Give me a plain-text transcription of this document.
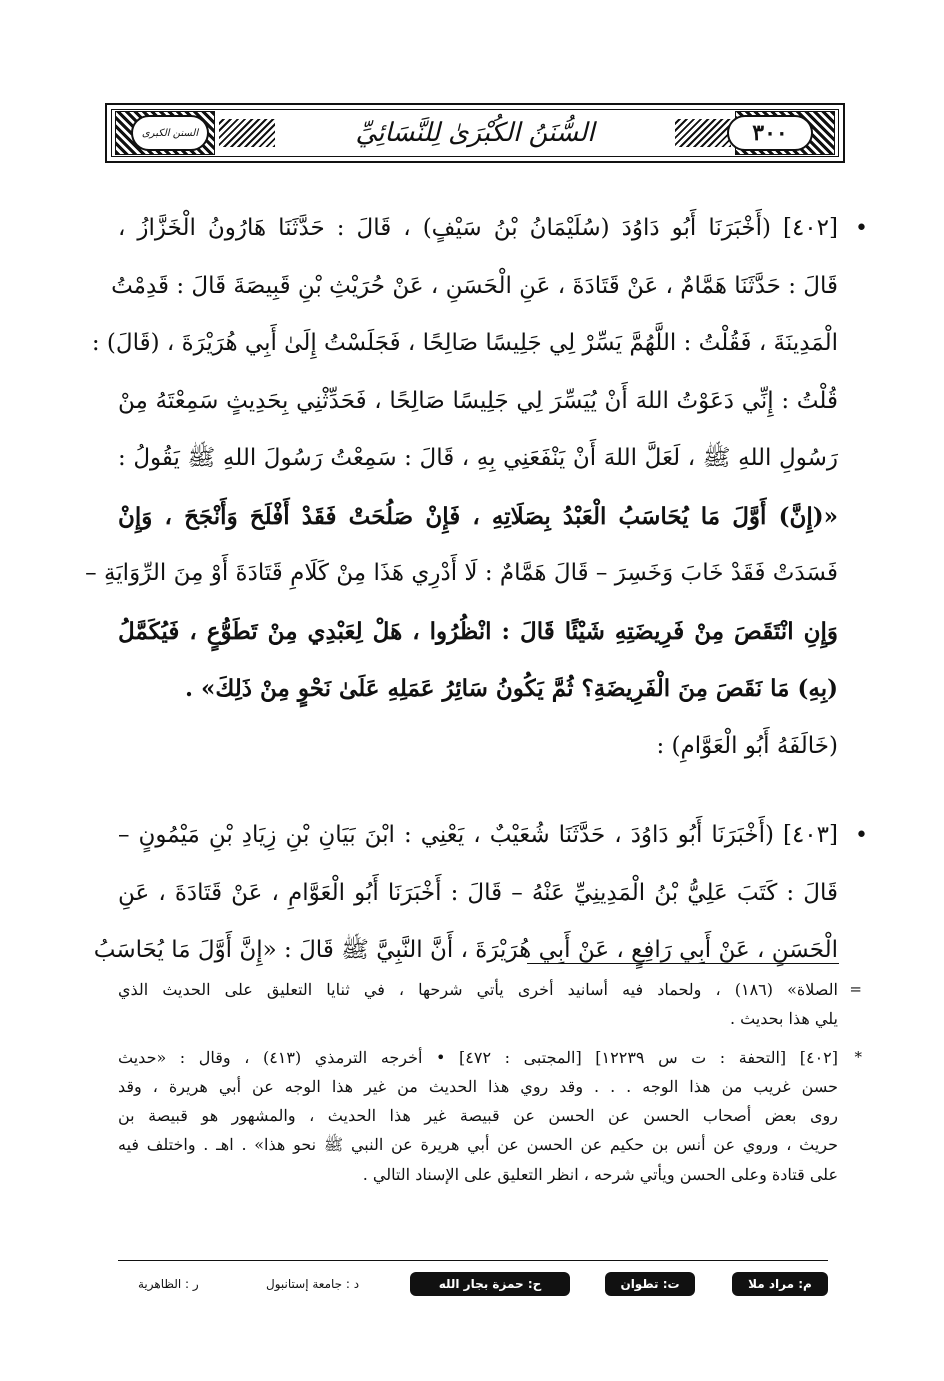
٣٠٠
السنن الكبرى	السُّنَنُ الكُبْرَىٰ لِلنَّسَائِيِّ
•
[٤٠٢] (أَخْبَرَنَا أَبُو دَاوُدَ (سُلَيْمَانُ بْنُ سَيْفٍ) ، قَالَ : حَدَّثَنَا هَارُونُ الْخَزَّازُ ،
قَالَ : حَدَّثَنَا هَمَّامٌ ، عَنْ قَتَادَةَ ، عَنِ الْحَسَنِ ، عَنْ حُرَيْثِ بْنِ قَبِيصَةَ قَالَ : قَدِمْتُ
الْمَدِينَةَ ، فَقُلْتُ : اللَّهُمَّ يَسِّرْ لِي جَلِيسًا صَالِحًا ، فَجَلَسْتُ إِلَىٰ أَبِي هُرَيْرَةَ ، (قَالَ) :
قُلْتُ : إِنِّي دَعَوْتُ اللهَ أَنْ يُيَسِّرَ لِي جَلِيسًا صَالِحًا ، فَحَدِّثْنِي بِحَدِيثٍ سَمِعْتَهُ مِنْ
رَسُولِ اللهِ ﷺ ، لَعَلَّ اللهَ أَنْ يَنْفَعَنِي بِهِ ، قَالَ : سَمِعْتُ رَسُولَ اللهِ ﷺ يَقُولُ :
«(إِنَّ) أَوَّلَ مَا يُحَاسَبُ الْعَبْدُ بِصَلَاتِهِ ، فَإِنْ صَلُحَتْ فَقَدْ أَفْلَحَ وَأَنْجَحَ ، وَإِنْ
فَسَدَتْ فَقَدْ خَابَ وَخَسِرَ – قَالَ هَمَّامٌ : لَا أَدْرِي هَذَا مِنْ كَلَامِ قَتَادَةَ أَوْ مِنَ الرِّوَايَةِ –
وَإِنِ انْتَقَصَ مِنْ فَرِيضَتِهِ شَيْئًا قَالَ : انْظُرُوا ، هَلْ لِعَبْدِي مِنْ تَطَوُّعٍ ، فَيُكَمَّلُ
(بِهِ) مَا نَقَصَ مِنَ الْفَرِيضَةِ؟ ثُمَّ يَكُونُ سَائِرُ عَمَلِهِ عَلَىٰ نَحْوٍ مِنْ ذَلِكَ» .
(خَالَفَهُ أَبُو الْعَوَّامِ) :
•
[٤٠٣] (أَخْبَرَنَا أَبُو دَاوُدَ ، حَدَّثَنَا شُعَيْبٌ ، يَعْنِي : ابْنَ بَيَانِ بْنِ زِيَادِ بْنِ مَيْمُونٍ –
قَالَ : كَتَبَ عَلِيُّ بْنُ الْمَدِينِيِّ عَنْهُ – قَالَ : أَخْبَرَنَا أَبُو الْعَوَّامِ ، عَنْ قَتَادَةَ ، عَنِ
الْحَسَنِ ، عَنْ أَبِي رَافِعٍ ، عَنْ أَبِي هُرَيْرَةَ ، أَنَّ النَّبِيَّ ﷺ قَالَ : «إِنَّ أَوَّلَ مَا يُحَاسَبُ
=
الصلاة» (١٨٦) ، ولحماد فيه أسانيد أخرى يأتي شرحها ، في ثنايا التعليق على الحديث الذي
يلي هذا بحديث .
*
[٤٠٢] [التحفة : ت س ١٢٢٣٩] [المجتبى : ٤٧٢] • أخرجه الترمذي (٤١٣) ، وقال : «حديث
حسن غريب من هذا الوجه . . . وقد روي هذا الحديث من غير هذا الوجه عن أبي هريرة ، وقد
روى بعض أصحاب الحسن عن الحسن عن قبيصة غير هذا الحديث ، والمشهور هو قبيصة بن
حريث ، وروي عن أنس بن حكيم عن الحسن عن أبي هريرة عن النبي ﷺ نحو هذا» . اهـ . واختلف فيه
على قتادة وعلى الحسن ويأتي شرحه ، انظر التعليق على الإسناد التالي .
م: مراد ملا
ت: تطوان
ح: حمزة بجار الله
د : جامعة إستانبول
ر : الظاهرية
